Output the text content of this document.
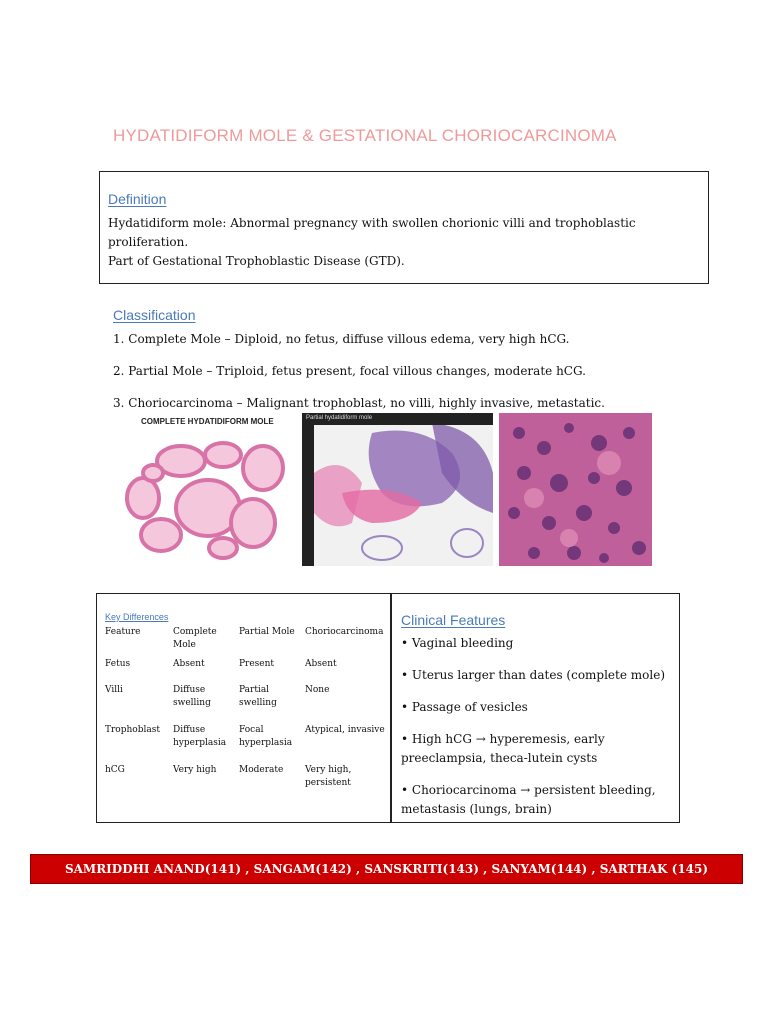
HYDATIDIFORM MOLE & GESTATIONAL CHORIOCARCINOMA
Definition
Hydatidiform mole: Abnormal pregnancy with swollen chorionic villi and trophoblastic
proliferation.
Part of Gestational Trophoblastic Disease (GTD).
Classification
1. Complete Mole – Diploid, no fetus, diffuse villous edema, very high hCG.
2. Partial Mole – Triploid, fetus present, focal villous changes, moderate hCG.
3. Choriocarcinoma – Malignant trophoblast, no villi, highly invasive, metastatic.
COMPLETE HYDATIDIFORM MOLE	Partial hydatidiform mole
Key Differences
Feature	Complete Mole	Partial Mole	Choriocarcinoma
Fetus	Absent	Present	Absent
Villi	Diffuse swelling	Partial swelling	None
Trophoblast	Diffuse hyperplasia	Focal hyperplasia	Atypical, invasive
hCG	Very high	Moderate	Very high, persistent
Clinical Features
• Vaginal bleeding
• Uterus larger than dates (complete mole)
• Passage of vesicles
• High hCG → hyperemesis, early preeclampsia, theca-lutein cysts
• Choriocarcinoma → persistent bleeding, metastasis (lungs, brain)
SAMRIDDHI ANAND(141) , SANGAM(142) , SANSKRITI(143) , SANYAM(144) , SARTHAK (145)
